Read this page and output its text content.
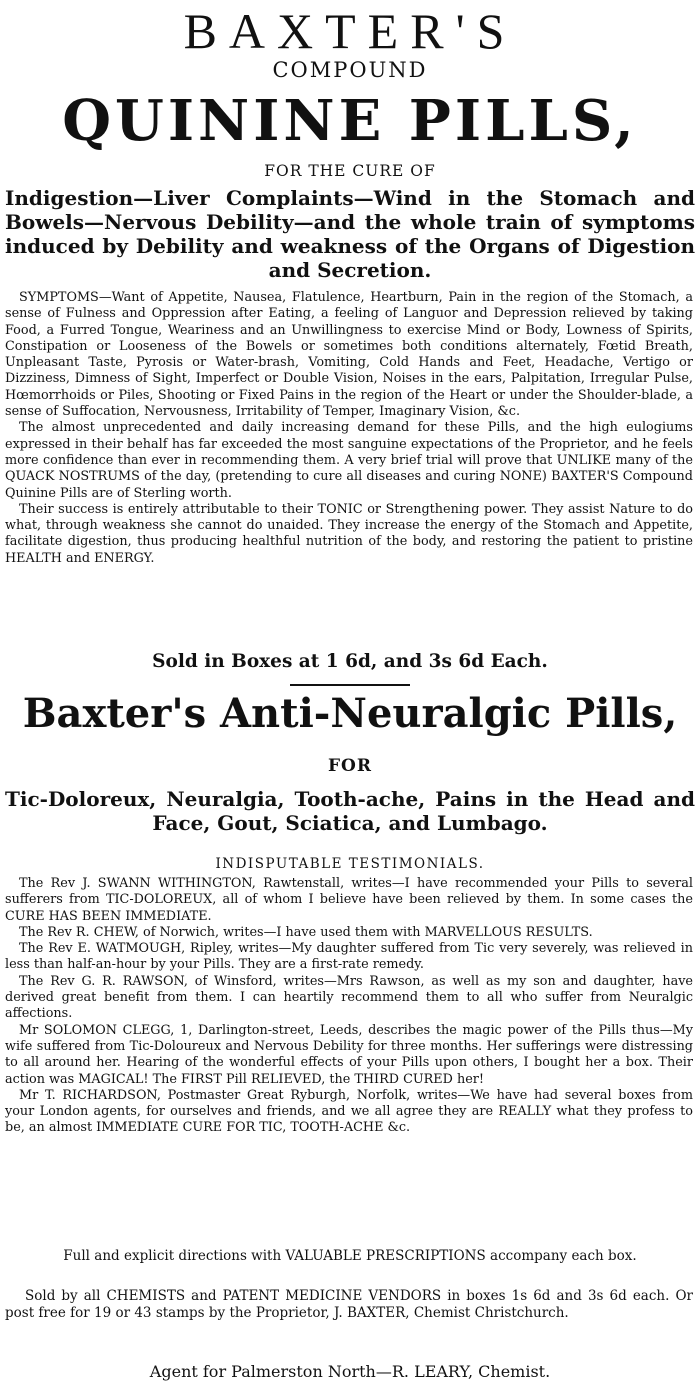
BAXTER'S
COMPOUND
QUININE PILLS,
FOR THE CURE OF

Indigestion—Liver Complaints—Wind in the Stomach and

Bowels—Nervous Debility—and the whole train of symptoms

induced by Debility and weakness of the Organs of Digestion

and Secretion.

SYMPTOMS—Want of Appetite, Nausea, Flatulence, Heartburn, Pain in the region of the Stomach, a sense of Fulness and Oppression after Eating, a feeling of Languor and Depression relieved by taking Food, a Furred Tongue, Weariness and an Unwillingness to exercise Mind or Body, Lowness of Spirits, Constipation or Looseness of the Bowels or sometimes both conditions alternately, Fœtid Breath, Unpleasant Taste, Pyrosis or Water-brash, Vomiting, Cold Hands and Feet, Headache, Vertigo or Dizziness, Dimness of Sight, Imperfect or Double Vision, Noises in the ears, Palpitation, Irregular Pulse, Hœmorrhoids or Piles, Shooting or Fixed Pains in the region of the Heart or under the Shoulder-blade, a sense of Suffocation, Nervousness, Irritability of Temper, Imaginary Vision, &c.

The almost unprecedented and daily increasing demand for these Pills, and the high eulogiums expressed in their behalf has far exceeded the most sanguine expectations of the Proprietor, and he feels more confidence than ever in recommending them. A very brief trial will prove that UNLIKE many of the QUACK NOSTRUMS of the day, (pretending to cure all diseases and curing NONE) BAXTER'S Compound Quinine Pills are of Sterling worth.

Their success is entirely attributable to their TONIC or Strengthening power. They assist Nature to do what, through weakness she cannot do unaided. They increase the energy of the Stomach and Appetite, facilitate digestion, thus producing healthful nutrition of the body, and restoring the patient to pristine HEALTH and ENERGY.

Sold in Boxes at 1 6d, and 3s 6d Each.
Baxter's Anti-Neuralgic Pills,
FOR

Tic-Doloreux, Neuralgia, Tooth-ache, Pains in the Head and

Face, Gout, Sciatica, and Lumbago.

INDISPUTABLE TESTIMONIALS.

The Rev J. SWANN WITHINGTON, Rawtenstall, writes—I have recommended your Pills to several sufferers from TIC-DOLOREUX, all of whom I believe have been relieved by them. In some cases the CURE HAS BEEN IMMEDIATE.

The Rev R. CHEW, of Norwich, writes—I have used them with MARVELLOUS RESULTS.

The Rev E. WATMOUGH, Ripley, writes—My daughter suffered from Tic very severely, was relieved in less than half-an-hour by your Pills. They are a first-rate remedy.

The Rev G. R. RAWSON, of Winsford, writes—Mrs Rawson, as well as my son and daughter, have derived great benefit from them. I can heartily recommend them to all who suffer from Neuralgic affections.

Mr SOLOMON CLEGG, 1, Darlington-street, Leeds, describes the magic power of the Pills thus—My wife suffered from Tic-Doloureux and Nervous Debility for three months. Her sufferings were distressing to all around her. Hearing of the wonderful effects of your Pills upon others, I bought her a box. Their action was MAGICAL! The FIRST Pill RELIEVED, the THIRD CURED her!

Mr T. RICHARDSON, Postmaster Great Ryburgh, Norfolk, writes—We have had several boxes from your London agents, for ourselves and friends, and we all agree they are REALLY what they profess to be, an almost IMMEDIATE CURE FOR TIC, TOOTH-ACHE &c.

Full and explicit directions with VALUABLE PRESCRIPTIONS accompany each box.

Sold by all CHEMISTS and PATENT MEDICINE VENDORS in boxes 1s 6d and 3s 6d each. Or post free for 19 or 43 stamps by the Proprietor, J. BAXTER, Chemist Christchurch.

Agent for Palmerston North—R. LEARY, Chemist.
